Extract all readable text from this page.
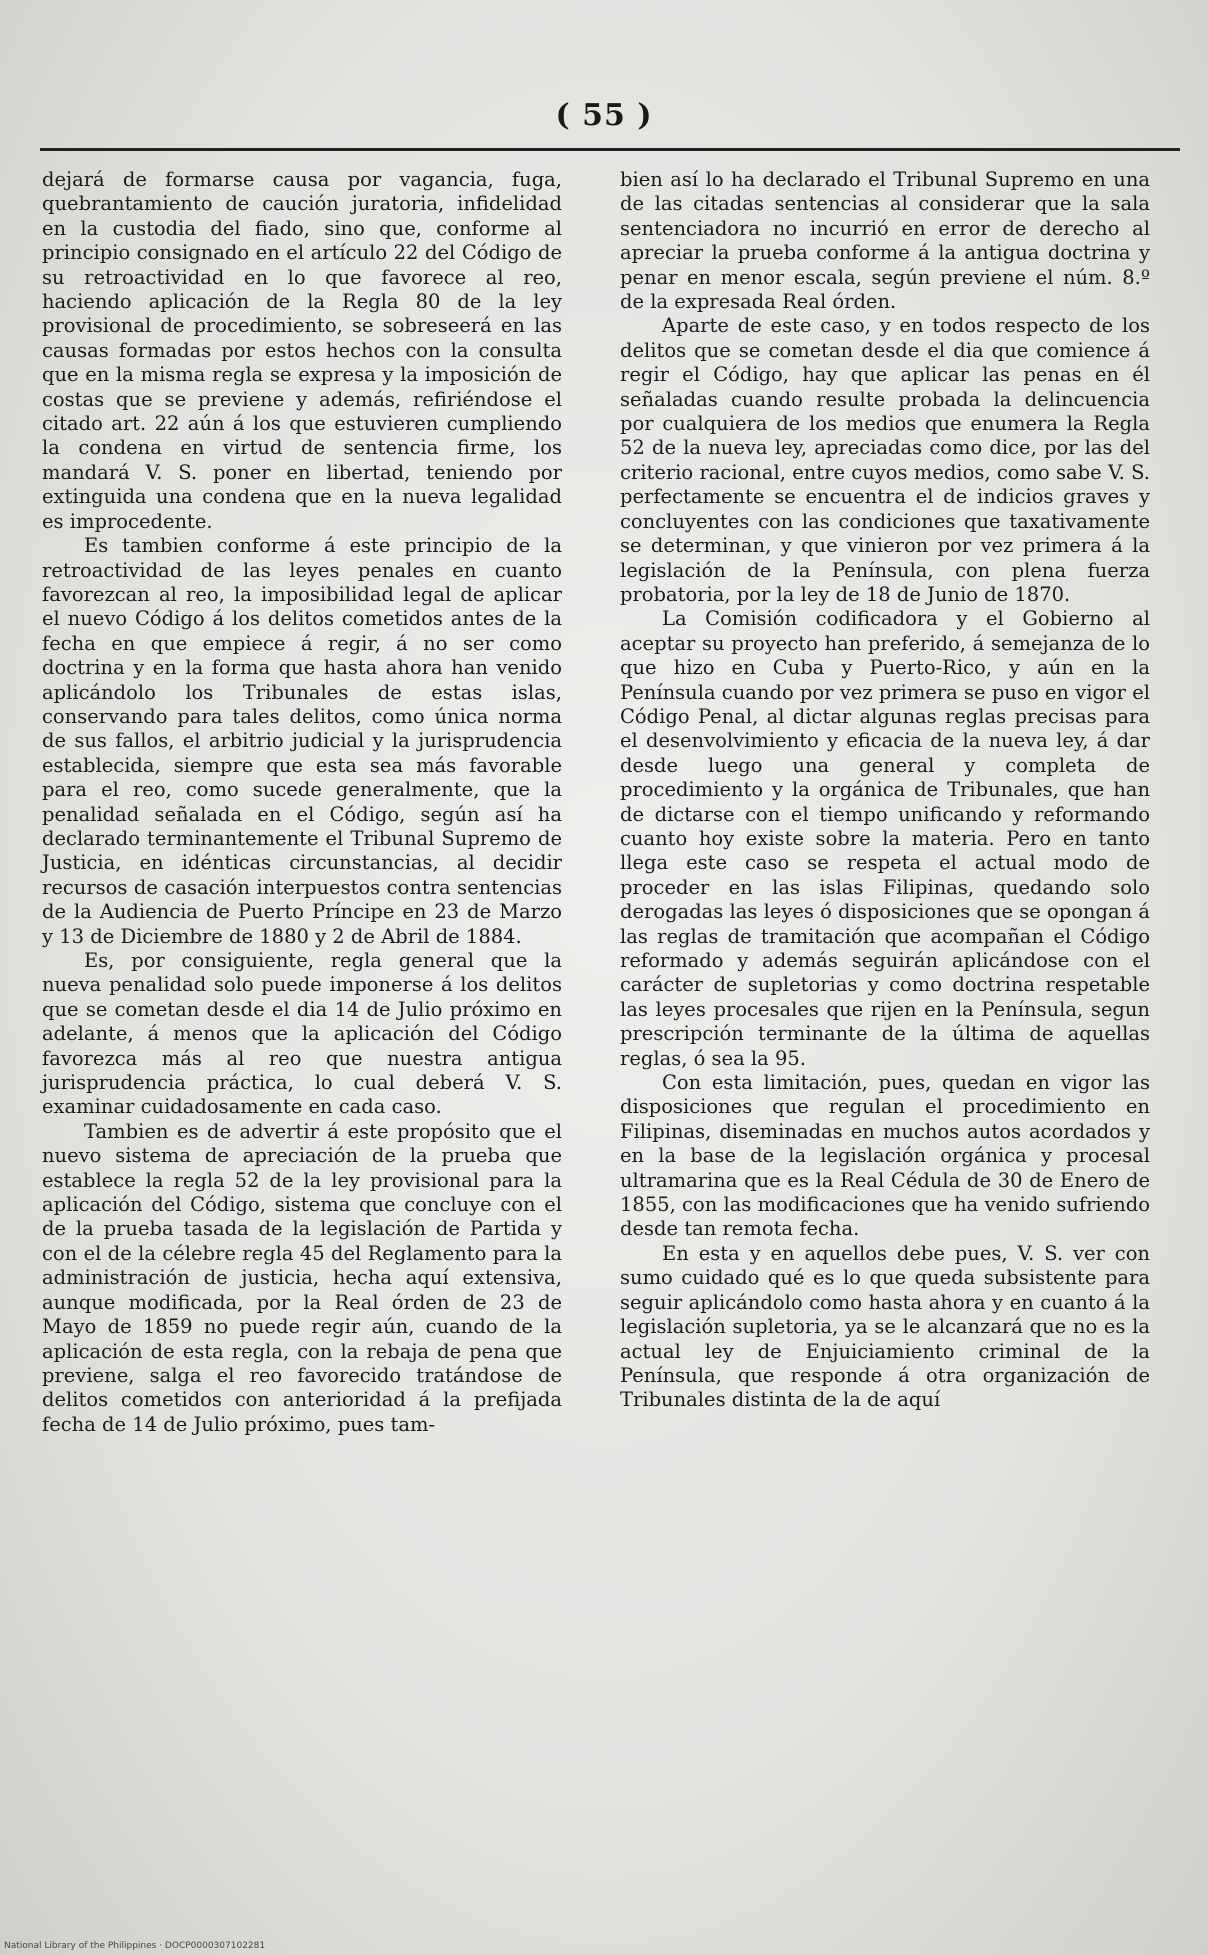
( 55 )

dejará de formarse causa por vagancia, fuga, quebrantamiento de caución juratoria, infidelidad en la custodia del fiado, sino que, conforme al principio consignado en el artículo 22 del Código de su retroactividad en lo que favorece al reo, haciendo aplicación de la Regla 80 de la ley provisional de procedimiento, se sobreseerá en las causas formadas por estos hechos con la consulta que en la misma regla se expresa y la imposición de costas que se previene y además, refiriéndose el citado art. 22 aún á los que estuvieren cumpliendo la condena en virtud de sentencia firme, los mandará V. S. poner en libertad, teniendo por extinguida una condena que en la nueva legalidad es improcedente.

Es tambien conforme á este principio de la retroactividad de las leyes penales en cuanto favorezcan al reo, la imposibilidad legal de aplicar el nuevo Código á los delitos cometidos antes de la fecha en que empiece á regir, á no ser como doctrina y en la forma que hasta ahora han venido aplicándolo los Tribunales de estas islas, conservando para tales delitos, como única norma de sus fallos, el arbitrio judicial y la jurisprudencia establecida, siempre que esta sea más favorable para el reo, como sucede generalmente, que la penalidad señalada en el Código, según así ha declarado terminantemente el Tribunal Supremo de Justicia, en idénticas circunstancias, al decidir recursos de casación interpuestos contra sentencias de la Audiencia de Puerto Príncipe en 23 de Marzo y 13 de Diciembre de 1880 y 2 de Abril de 1884.

Es, por consiguiente, regla general que la nueva penalidad solo puede imponerse á los delitos que se cometan desde el dia 14 de Julio próximo en adelante, á menos que la aplicación del Código favorezca más al reo que nuestra antigua jurisprudencia práctica, lo cual deberá V. S. examinar cuidadosamente en cada caso.

Tambien es de advertir á este propósito que el nuevo sistema de apreciación de la prueba que establece la regla 52 de la ley provisional para la aplicación del Código, sistema que concluye con el de la prueba tasada de la legislación de Partida y con el de la célebre regla 45 del Reglamento para la administración de justicia, hecha aquí extensiva, aunque modificada, por la Real órden de 23 de Mayo de 1859 no puede regir aún, cuando de la aplicación de esta regla, con la rebaja de pena que previene, salga el reo favorecido tratándose de delitos cometidos con anterioridad á la prefijada fecha de 14 de Julio próximo, pues tam-

bien así lo ha declarado el Tribunal Supremo en una de las citadas sentencias al considerar que la sala sentenciadora no incurrió en error de derecho al apreciar la prueba conforme á la antigua doctrina y penar en menor escala, según previene el núm. 8.º de la expresada Real órden.

Aparte de este caso, y en todos respecto de los delitos que se cometan desde el dia que comience á regir el Código, hay que aplicar las penas en él señaladas cuando resulte probada la delincuencia por cualquiera de los medios que enumera la Regla 52 de la nueva ley, apreciadas como dice, por las del criterio racional, entre cuyos medios, como sabe V. S. perfectamente se encuentra el de indicios graves y concluyentes con las condiciones que taxativamente se determinan, y que vinieron por vez primera á la legislación de la Península, con plena fuerza probatoria, por la ley de 18 de Junio de 1870.

La Comisión codificadora y el Gobierno al aceptar su proyecto han preferido, á semejanza de lo que hizo en Cuba y Puerto-Rico, y aún en la Península cuando por vez primera se puso en vigor el Código Penal, al dictar algunas reglas precisas para el desenvolvimiento y eficacia de la nueva ley, á dar desde luego una general y completa de procedimiento y la orgánica de Tribunales, que han de dictarse con el tiempo unificando y reformando cuanto hoy existe sobre la materia. Pero en tanto llega este caso se respeta el actual modo de proceder en las islas Filipinas, quedando solo derogadas las leyes ó disposiciones que se opongan á las reglas de tramitación que acompañan el Código reformado y además seguirán aplicándose con el carácter de supletorias y como doctrina respetable las leyes procesales que rijen en la Península, segun prescripción terminante de la última de aquellas reglas, ó sea la 95.

Con esta limitación, pues, quedan en vigor las disposiciones que regulan el procedimiento en Filipinas, diseminadas en muchos autos acordados y en la base de la legislación orgánica y procesal ultramarina que es la Real Cédula de 30 de Enero de 1855, con las modificaciones que ha venido sufriendo desde tan remota fecha.

En esta y en aquellos debe pues, V. S. ver con sumo cuidado qué es lo que queda subsistente para seguir aplicándolo como hasta ahora y en cuanto á la legislación supletoria, ya se le alcanzará que no es la actual ley de Enjuiciamiento criminal de la Península, que responde á otra organización de Tribunales distinta de la de aquí

National Library of the Philippines · DOCP0000307102281
